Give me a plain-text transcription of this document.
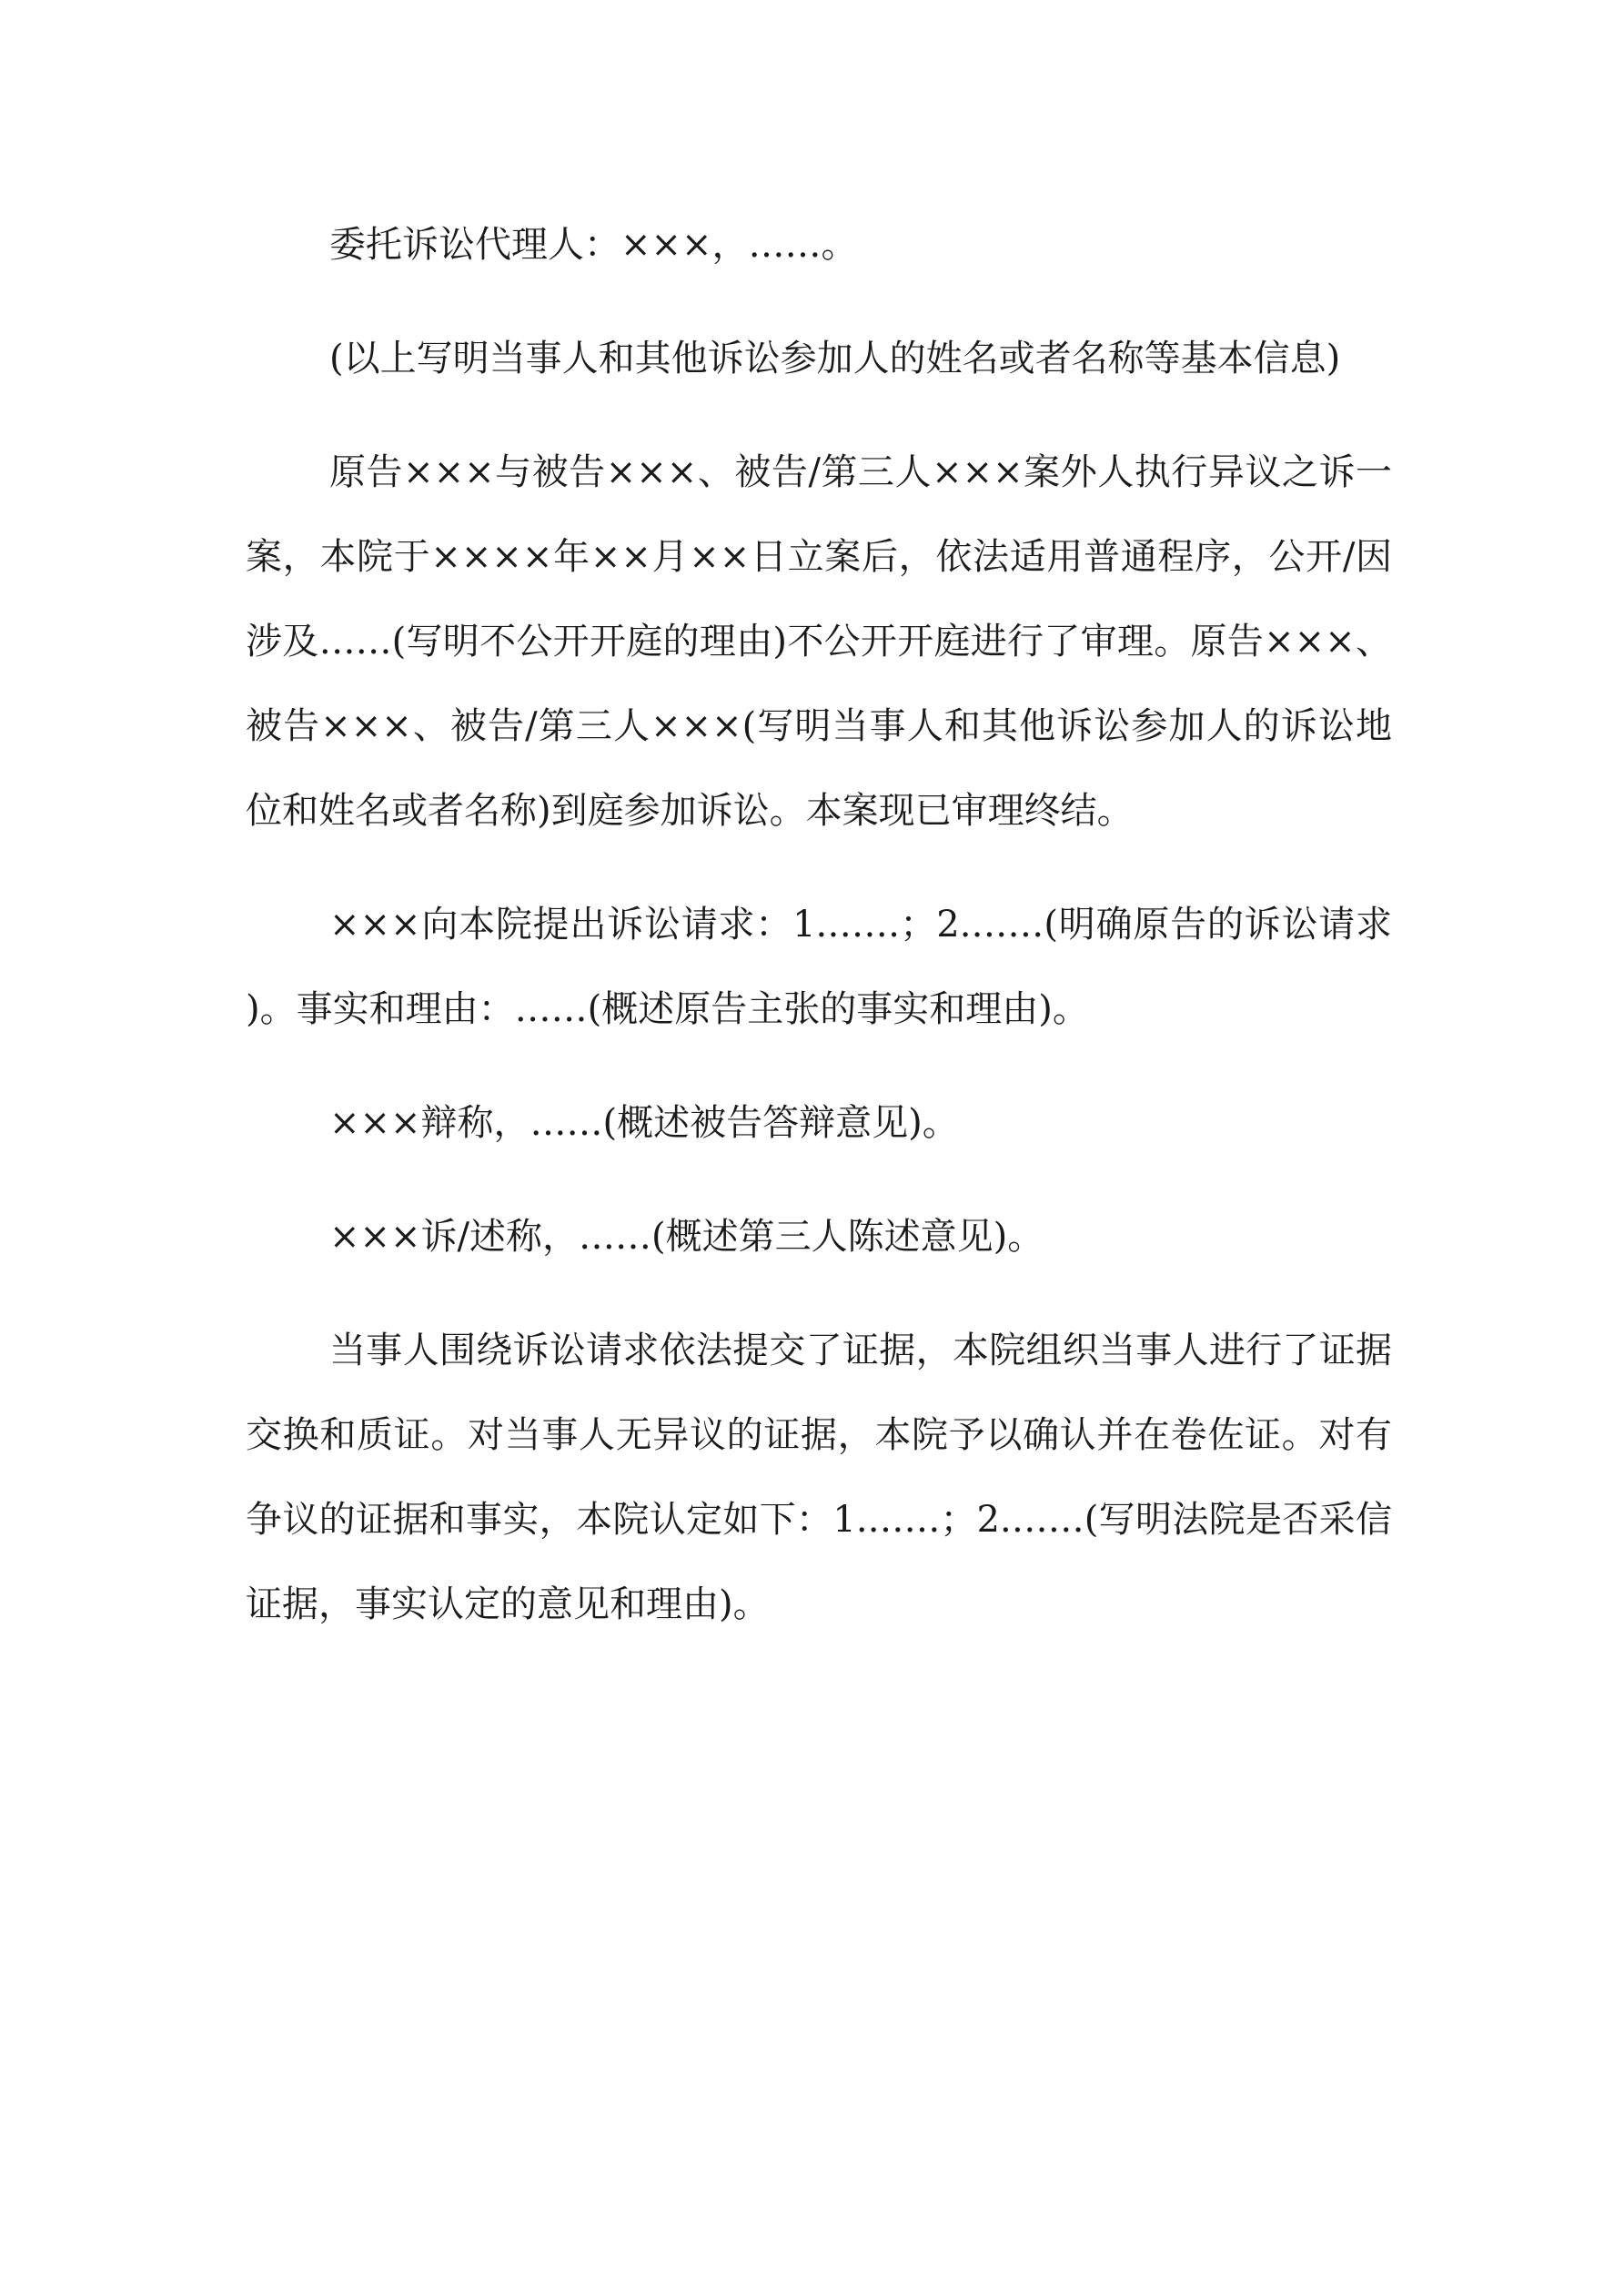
委托诉讼代理人：×××，……。

(以上写明当事人和其他诉讼参加人的姓名或者名称等基本信息)

原告×××与被告×××、被告/第三人×××案外人执行异议之诉一案，本院于××××年××月××日立案后，依法适用普通程序，公开/因涉及……(写明不公开开庭的理由)不公开开庭进行了审理。原告×××、被告×××、被告/第三人×××(写明当事人和其他诉讼参加人的诉讼地位和姓名或者名称)到庭参加诉讼。本案现已审理终结。

×××向本院提出诉讼请求：1.……；2.……(明确原告的诉讼请求)。事实和理由：……(概述原告主张的事实和理由)。

×××辩称，……(概述被告答辩意见)。

×××诉/述称，……(概述第三人陈述意见)。

当事人围绕诉讼请求依法提交了证据，本院组织当事人进行了证据交换和质证。对当事人无异议的证据，本院予以确认并在卷佐证。对有争议的证据和事实，本院认定如下：1.……；2.……(写明法院是否采信证据，事实认定的意见和理由)。
